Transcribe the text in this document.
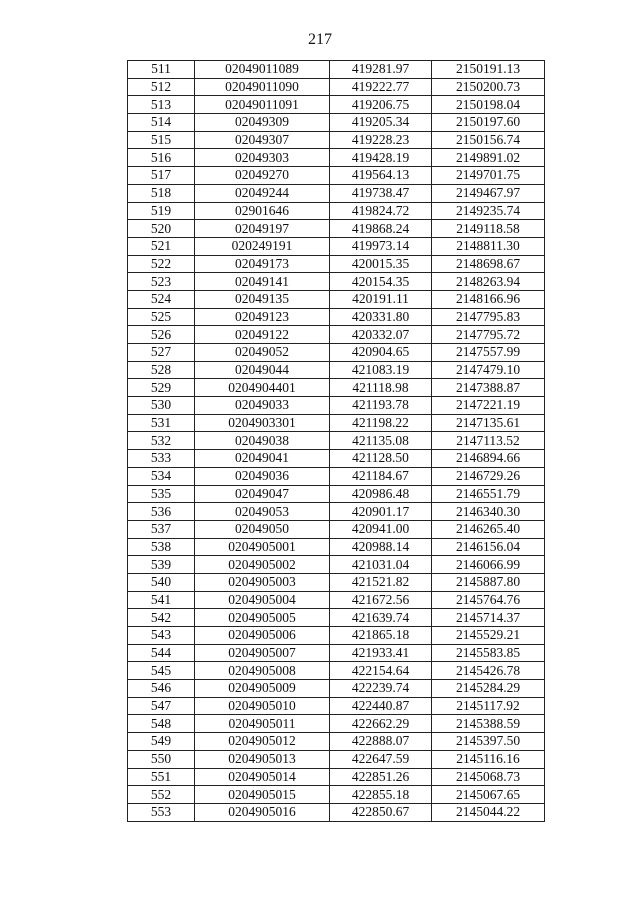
217
511	02049011089	419281.97	2150191.13
512	02049011090	419222.77	2150200.73
513	02049011091	419206.75	2150198.04
514	02049309	419205.34	2150197.60
515	02049307	419228.23	2150156.74
516	02049303	419428.19	2149891.02
517	02049270	419564.13	2149701.75
518	02049244	419738.47	2149467.97
519	02901646	419824.72	2149235.74
520	02049197	419868.24	2149118.58
521	020249191	419973.14	2148811.30
522	02049173	420015.35	2148698.67
523	02049141	420154.35	2148263.94
524	02049135	420191.11	2148166.96
525	02049123	420331.80	2147795.83
526	02049122	420332.07	2147795.72
527	02049052	420904.65	2147557.99
528	02049044	421083.19	2147479.10
529	0204904401	421118.98	2147388.87
530	02049033	421193.78	2147221.19
531	0204903301	421198.22	2147135.61
532	02049038	421135.08	2147113.52
533	02049041	421128.50	2146894.66
534	02049036	421184.67	2146729.26
535	02049047	420986.48	2146551.79
536	02049053	420901.17	2146340.30
537	02049050	420941.00	2146265.40
538	0204905001	420988.14	2146156.04
539	0204905002	421031.04	2146066.99
540	0204905003	421521.82	2145887.80
541	0204905004	421672.56	2145764.76
542	0204905005	421639.74	2145714.37
543	0204905006	421865.18	2145529.21
544	0204905007	421933.41	2145583.85
545	0204905008	422154.64	2145426.78
546	0204905009	422239.74	2145284.29
547	0204905010	422440.87	2145117.92
548	0204905011	422662.29	2145388.59
549	0204905012	422888.07	2145397.50
550	0204905013	422647.59	2145116.16
551	0204905014	422851.26	2145068.73
552	0204905015	422855.18	2145067.65
553	0204905016	422850.67	2145044.22
